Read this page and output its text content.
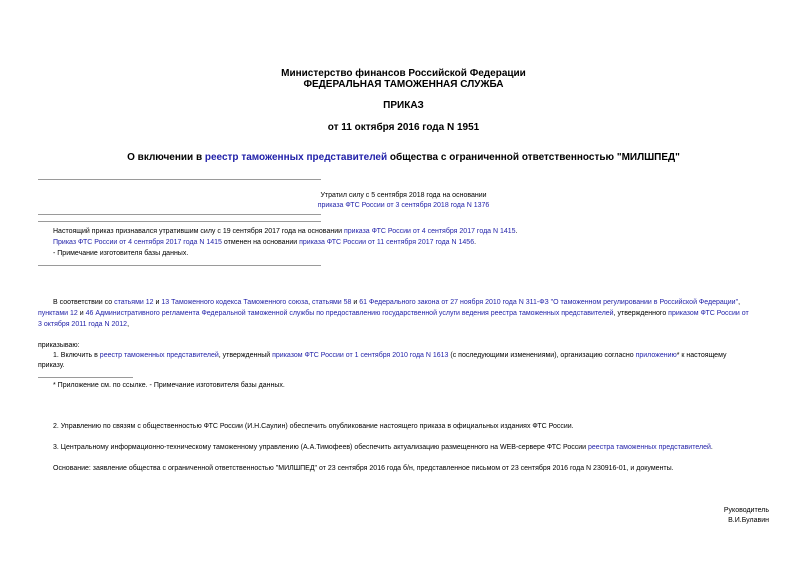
Министерство финансов Российской Федерации
ФЕДЕРАЛЬНАЯ ТАМОЖЕННАЯ СЛУЖБА
ПРИКАЗ
от 11 октября 2016 года N 1951
О включении в реестр таможенных представителей общества с ограниченной ответственностью "МИЛШПЕД"
Утратил силу с 5 сентября 2018 года на основании
приказа ФТС России от 3 сентября 2018 года N 1376
Настоящий приказ признавался утратившим силу с 19 сентября 2017 года на основании приказа ФТС России от 4 сентября 2017 года N 1415.
Приказ ФТС России от 4 сентября 2017 года N 1415 отменен на основании приказа ФТС России от 11 сентября 2017 года N 1456.
- Примечание изготовителя базы данных.
В соответствии со статьями 12 и 13 Таможенного кодекса Таможенного союза, статьями 58 и 61 Федерального закона от 27 ноября 2010 года N 311-ФЗ "О таможенном регулировании в Российской Федерации",
пунктами 12 и 46 Административного регламента Федеральной таможенной службы по предоставлению государственной услуги ведения реестра таможенных представителей, утвержденного приказом ФТС России от
3 октября 2011 года N 2012,
приказываю:
1. Включить в реестр таможенных представителей, утвержденный приказом ФТС России от 1 сентября 2010 года N 1613 (с последующими изменениями), организацию согласно приложению* к настоящему
приказу.
* Приложение см. по ссылке. - Примечание изготовителя базы данных.
2. Управлению по связям с общественностью ФТС России (И.Н.Саулин) обеспечить опубликование настоящего приказа в официальных изданиях ФТС России.
3. Центральному информационно-техническому таможенному управлению (А.А.Тимофеев) обеспечить актуализацию размещенного на WEB-сервере ФТС России реестра таможенных представителей.
Основание: заявление общества с ограниченной ответственностью "МИЛШПЕД" от 23 сентября 2016 года б/н, представленное письмом от 23 сентября 2016 года N 230916-01, и документы.
Руководитель
В.И.Булавин
